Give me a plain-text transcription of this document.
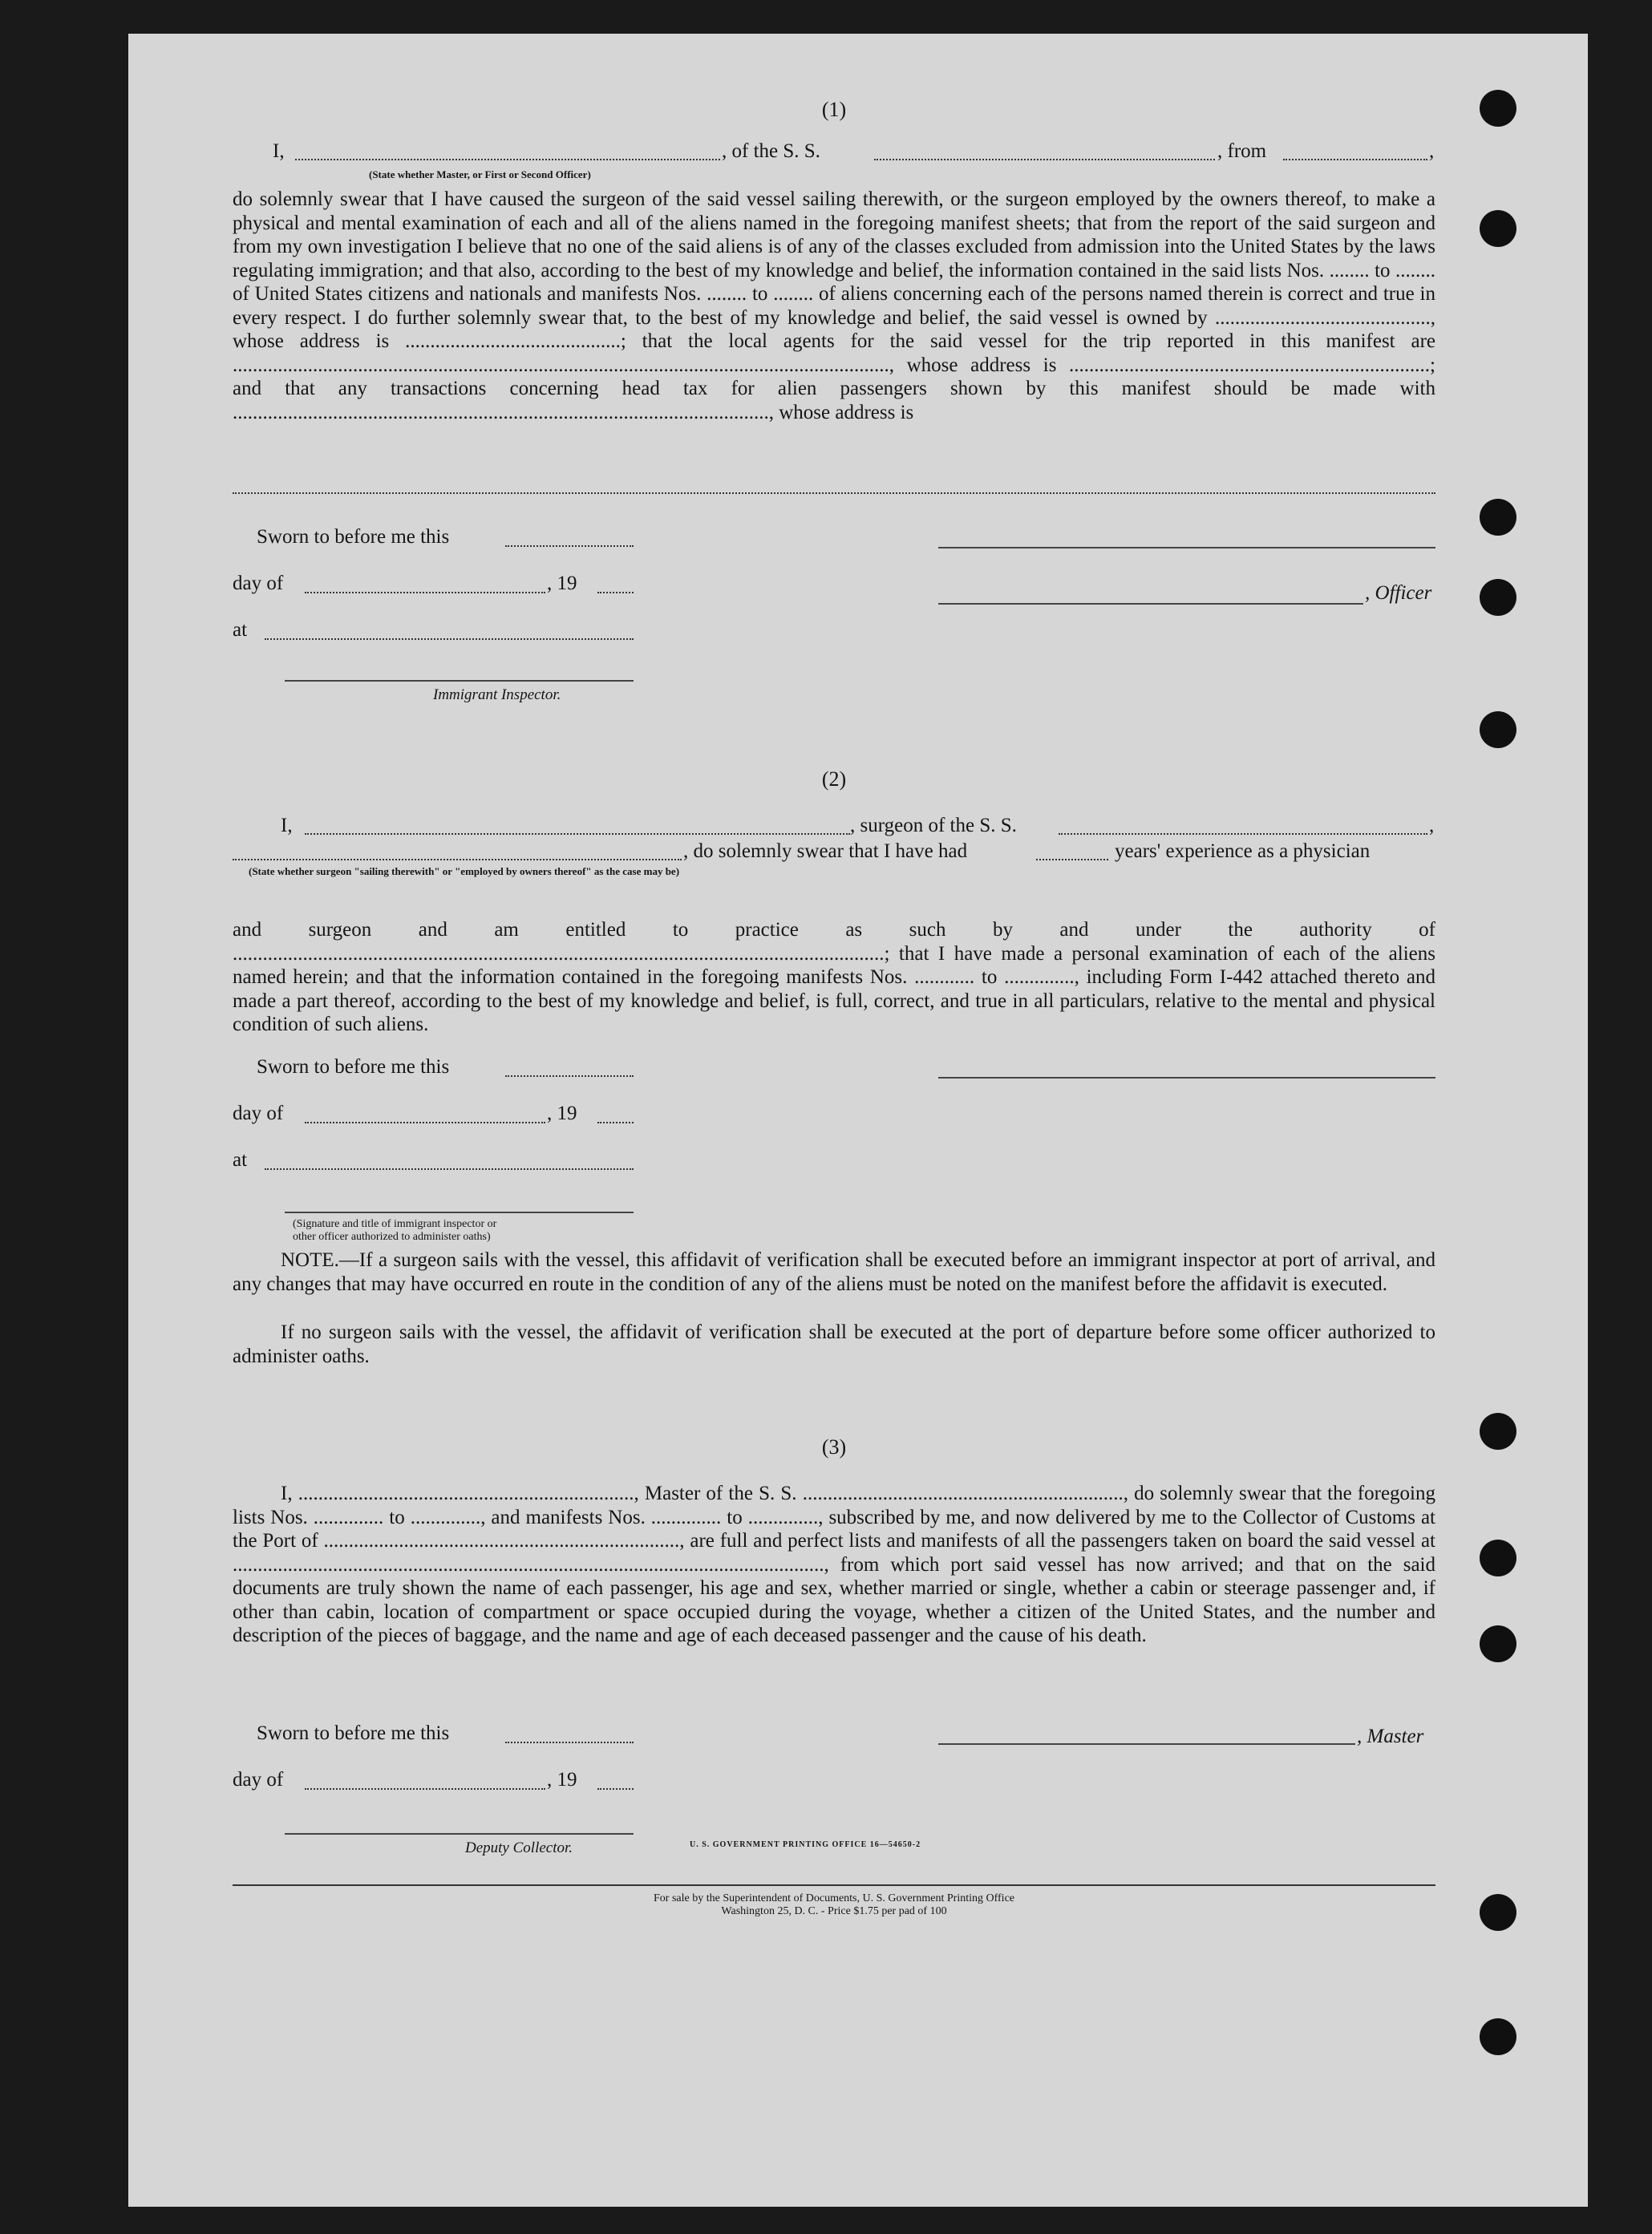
(1)
I,	, of the S. S.	, from	,
(State whether Master, or First or Second Officer)
do solemnly swear that I have caused the surgeon of the said vessel sailing therewith, or the surgeon employed by the owners thereof, to make a physical and mental examination of each and all of the aliens named in the foregoing manifest sheets; that from the report of the said surgeon and from my own investigation I believe that no one of the said aliens is of any of the classes excluded from admission into the United States by the laws regulating immigration; and that also, according to the best of my knowledge and belief, the information contained in the said lists Nos. ........ to ........ of United States citizens and nationals and manifests Nos. ........ to ........ of aliens concerning each of the persons named therein is correct and true in every respect. I do further solemnly swear that, to the best of my knowledge and belief, the said vessel is owned by ..........................................., whose address is ...........................................; that the local agents for the said vessel for the trip reported in this manifest are ..................................................................................................................................., whose address is ........................................................................; and that any transactions concerning head tax for alien passengers shown by this manifest should be made with ..........................................................................................................., whose address is
Sworn to before me this
day of	, 19	, Officer
at
Immigrant Inspector.
(2)
I,	, surgeon of the S. S.	,
, do solemnly swear that I have had	years' experience as a physician
(State whether surgeon "sailing therewith" or "employed by owners thereof" as the case may be)
and surgeon and am entitled to practice as such by and under the authority of ..................................................................................................................................; that I have made a personal examination of each of the aliens named herein; and that the information contained in the foregoing manifests Nos. ............ to .............., including Form I-442 attached thereto and made a part thereof, according to the best of my knowledge and belief, is full, correct, and true in all particulars, relative to the mental and physical condition of such aliens.
Sworn to before me this
day of	, 19
at
(Signature and title of immigrant inspector or
other officer authorized to administer oaths)
NOTE.—If a surgeon sails with the vessel, this affidavit of verification shall be executed before an immigrant inspector at port of arrival, and any changes that may have occurred en route in the condition of any of the aliens must be noted on the manifest before the affidavit is executed.
If no surgeon sails with the vessel, the affidavit of verification shall be executed at the port of departure before some officer authorized to administer oaths.
(3)
I, ..................................................................., Master of the S. S. ................................................................, do solemnly swear that the foregoing lists Nos. .............. to .............., and manifests Nos. .............. to .............., subscribed by me, and now delivered by me to the Collector of Customs at the Port of ......................................................................., are full and perfect lists and manifests of all the passengers taken on board the said vessel at ......................................................................................................................, from which port said vessel has now arrived; and that on the said documents are truly shown the name of each passenger, his age and sex, whether married or single, whether a cabin or steerage passenger and, if other than cabin, location of compartment or space occupied during the voyage, whether a citizen of the United States, and the number and description of the pieces of baggage, and the name and age of each deceased passenger and the cause of his death.
Sworn to before me this	, Master
day of	, 19
Deputy Collector.	U. S. GOVERNMENT PRINTING OFFICE 16—54650-2
For sale by the Superintendent of Documents, U. S. Government Printing Office
Washington 25, D. C. - Price $1.75 per pad of 100
